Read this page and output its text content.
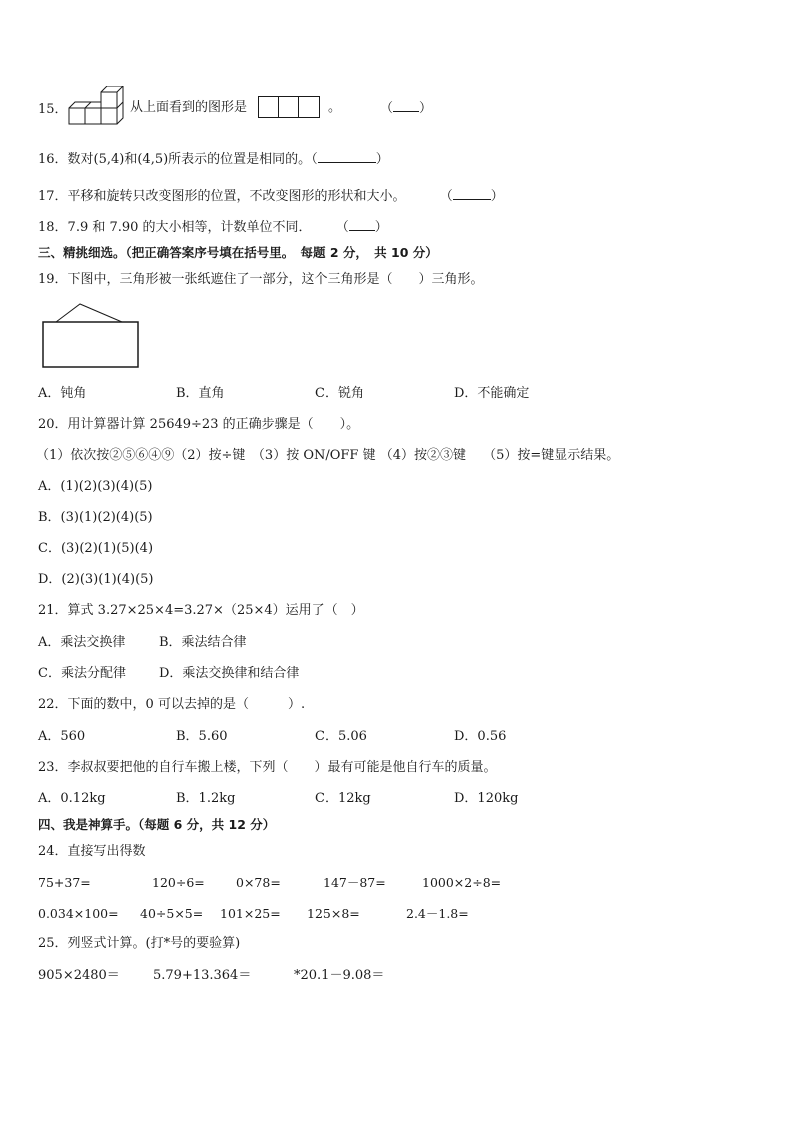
15．	从上面看到的图形是	。	（ ）
16．数对(5,4)和(4,5)所表示的位置是相同的。（	）
17．平移和旋转只改变图形的位置，不改变图形的形状和大小。	（	）
18．7.9 和 7.90 的大小相等，计数单位不同． （ ）
三、精挑细选。（把正确答案序号填在括号里。　每题 2 分，　共 10 分）
19．下图中，三角形被一张纸遮住了一部分，这个三角形是（　　）三角形。
A．钝角	B．直角	C．锐角	D．不能确定
20．用计算器计算 25649÷23 的正确步骤是（　　）。
（1）依次按②⑤⑥④⑨（2）按÷键　（3）按 ON/OFF 键 （4）按②③键　 （5）按=键显示结果。
A．(1)(2)(3)(4)(5)
B．(3)(1)(2)(4)(5)
C．(3)(2)(1)(5)(4)
D．(2)(3)(1)(4)(5)
21．算式 3.27×25×4=3.27×（25×4）运用了（　）
A．乘法交换律	B．乘法结合律
C．乘法分配律	D．乘法交换律和结合律
22．下面的数中，0 可以去掉的是（　　　）.
A．560	B．5.60	C．5.06	D．0.56
23．李叔叔要把他的自行车搬上楼，下列（　　）最有可能是他自行车的质量。
A．0.12kg	B．1.2kg	C．12kg	D．120kg
四、我是神算手。（每题 6 分，共 12 分）
24．直接写出得数
75+37=	120÷6= 0×78=	147－87=	1000×2÷8=
0.034×100= 40÷5×5= 101×25= 125×8=	2.4－1.8=
25．列竖式计算。(打*号的要验算)
905×2480＝	5.79+13.364＝	*20.1－9.08＝
